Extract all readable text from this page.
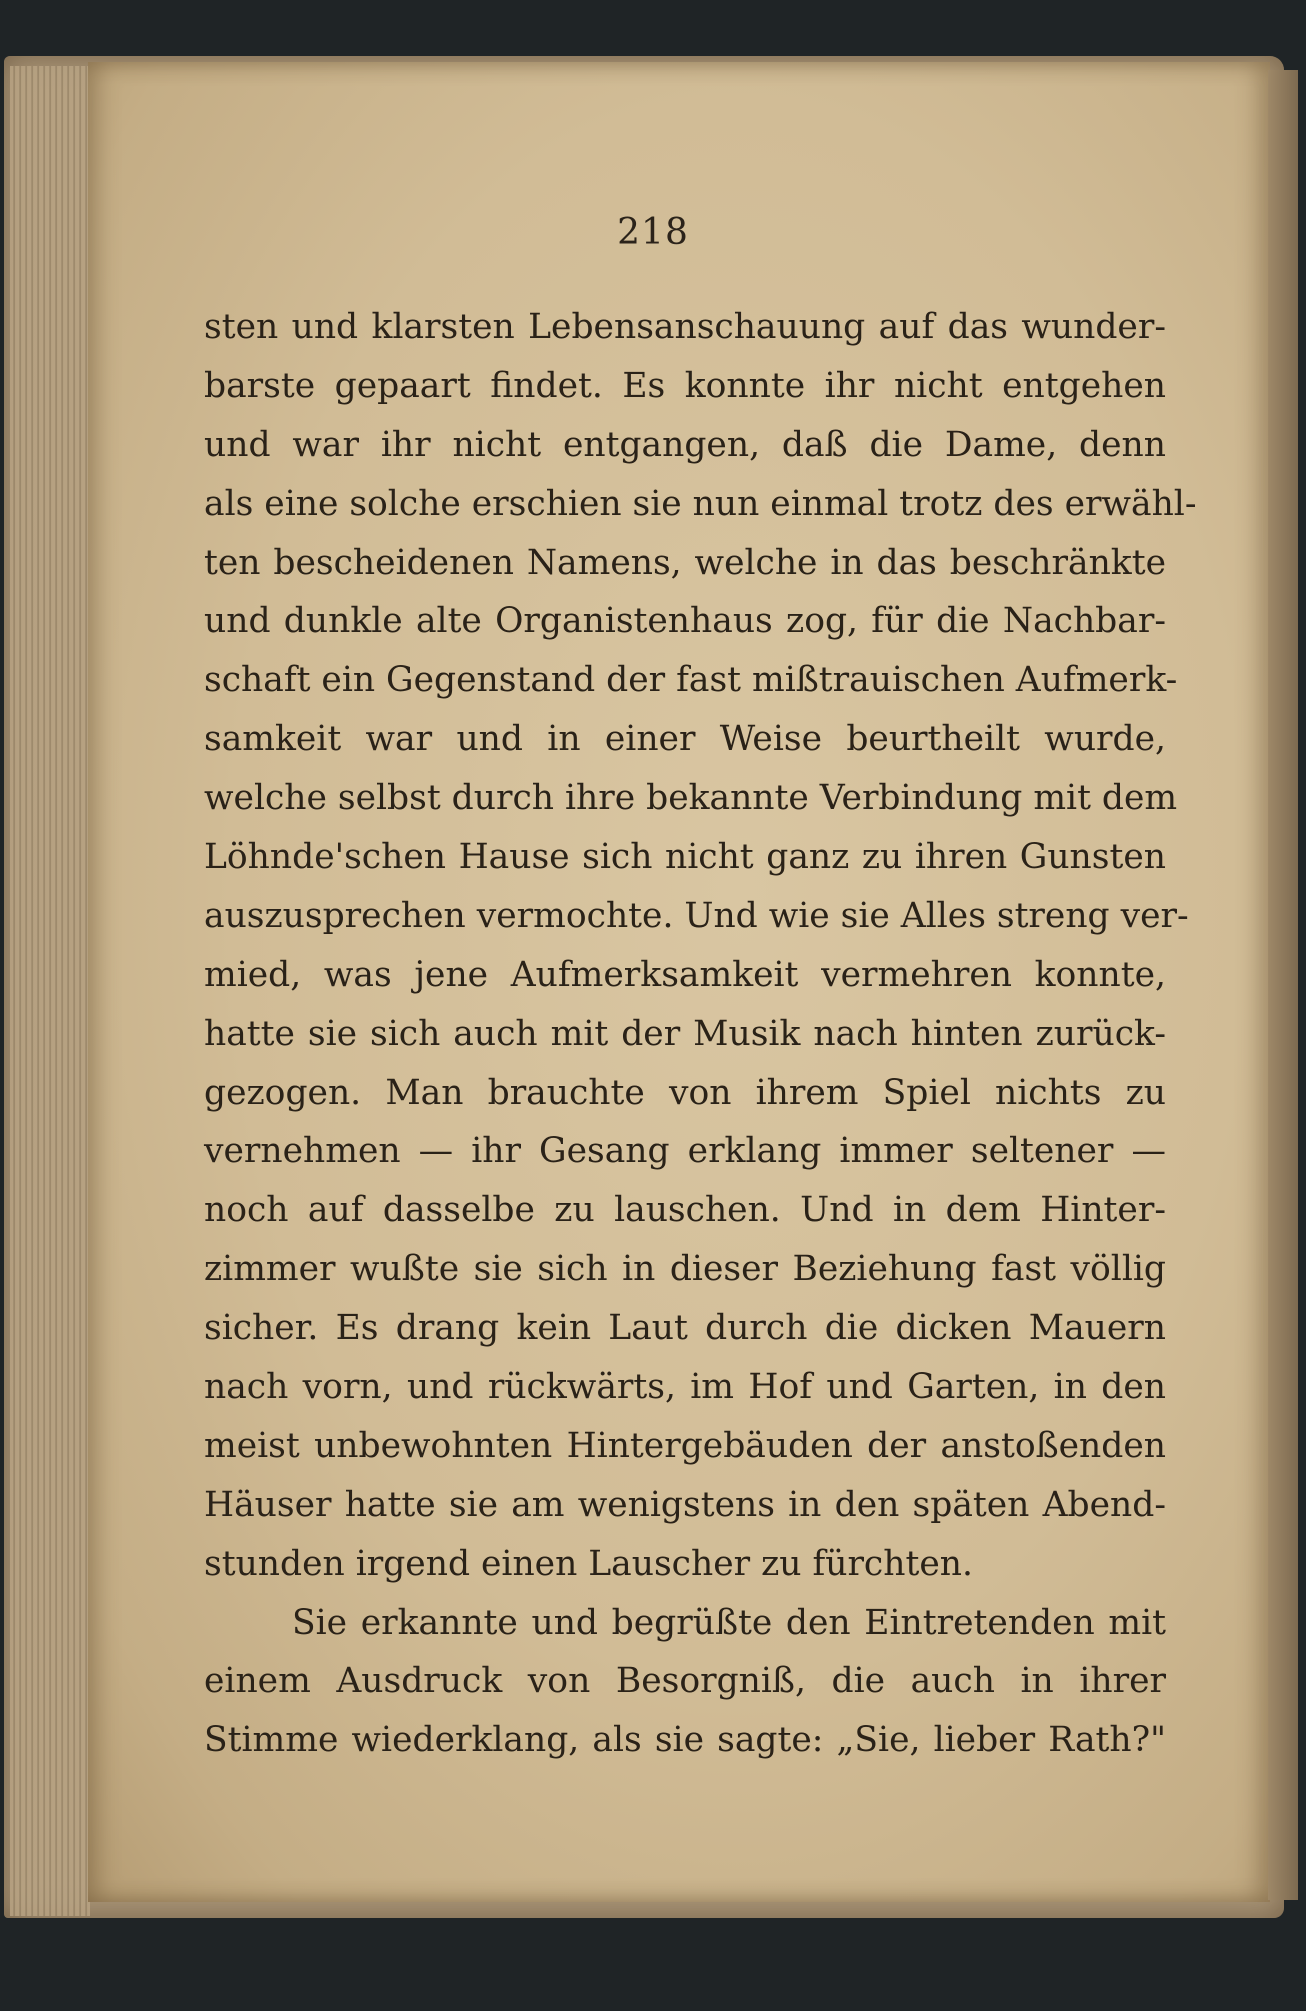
218
sten und klarsten Lebensanschauung auf das wunder-
barste gepaart findet. Es konnte ihr nicht entgehen
und war ihr nicht entgangen, daß die Dame, denn
als eine solche erschien sie nun einmal trotz des erwähl-
ten bescheidenen Namens, welche in das beschränkte
und dunkle alte Organistenhaus zog, für die Nachbar-
schaft ein Gegenstand der fast mißtrauischen Aufmerk-
samkeit war und in einer Weise beurtheilt wurde,
welche selbst durch ihre bekannte Verbindung mit dem
Löhnde'schen Hause sich nicht ganz zu ihren Gunsten
auszusprechen vermochte. Und wie sie Alles streng ver-
mied, was jene Aufmerksamkeit vermehren konnte,
hatte sie sich auch mit der Musik nach hinten zurück-
gezogen. Man brauchte von ihrem Spiel nichts zu
vernehmen — ihr Gesang erklang immer seltener —
noch auf dasselbe zu lauschen. Und in dem Hinter-
zimmer wußte sie sich in dieser Beziehung fast völlig
sicher. Es drang kein Laut durch die dicken Mauern
nach vorn, und rückwärts, im Hof und Garten, in den
meist unbewohnten Hintergebäuden der anstoßenden
Häuser hatte sie am wenigstens in den späten Abend-
stunden irgend einen Lauscher zu fürchten.
Sie erkannte und begrüßte den Eintretenden mit
einem Ausdruck von Besorgniß, die auch in ihrer
Stimme wiederklang, als sie sagte: „Sie, lieber Rath?"
